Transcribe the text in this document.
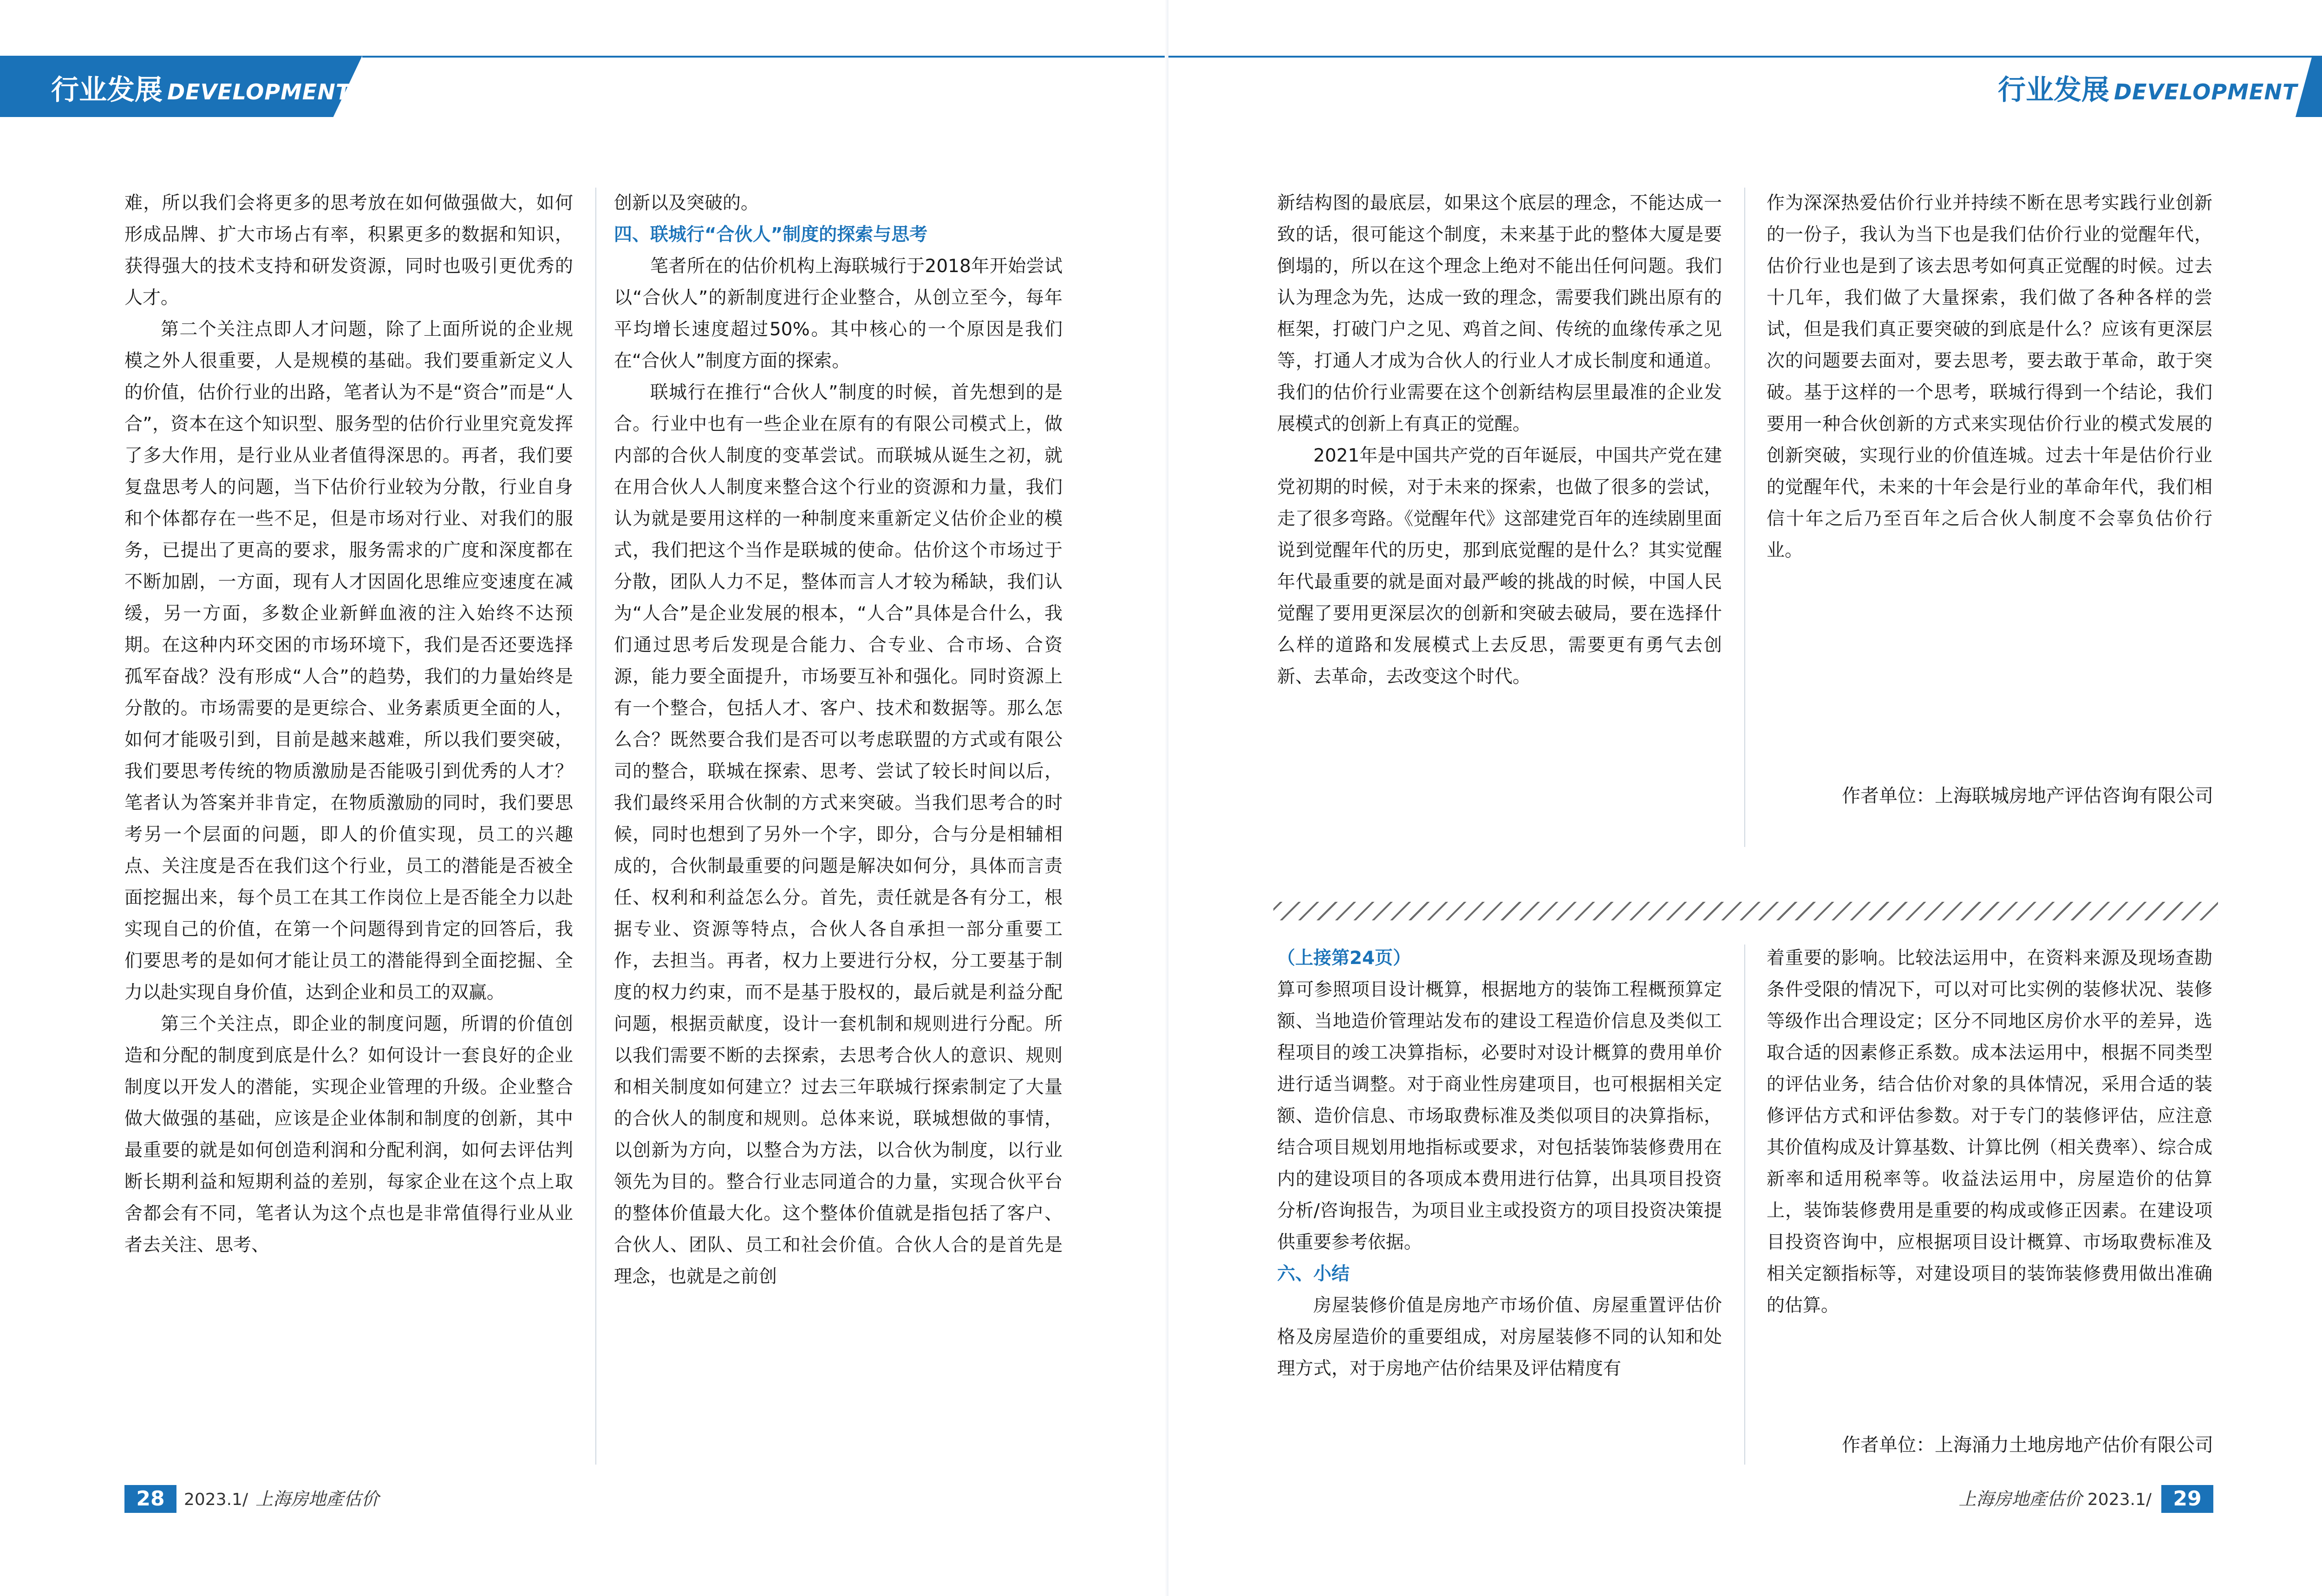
行业发展 DEVELOPMENT

难，所以我们会将更多的思考放在如何做强做大，如何形成品牌、扩大市场占有率，积累更多的数据和知识，获得强大的技术支持和研发资源，同时也吸引更优秀的人才。

第二个关注点即人才问题，除了上面所说的企业规模之外人很重要，人是规模的基础。我们要重新定义人的价值，估价行业的出路，笔者认为不是“资合”而是“人合”，资本在这个知识型、服务型的估价行业里究竟发挥了多大作用，是行业从业者值得深思的。再者，我们要复盘思考人的问题，当下估价行业较为分散，行业自身和个体都存在一些不足，但是市场对行业、对我们的服务，已提出了更高的要求，服务需求的广度和深度都在不断加剧，一方面，现有人才因固化思维应变速度在减缓，另一方面，多数企业新鲜血液的注入始终不达预期。在这种内环交困的市场环境下，我们是否还要选择孤军奋战？没有形成“人合”的趋势，我们的力量始终是分散的。市场需要的是更综合、业务素质更全面的人，如何才能吸引到，目前是越来越难，所以我们要突破，我们要思考传统的物质激励是否能吸引到优秀的人才？笔者认为答案并非肯定，在物质激励的同时，我们要思考另一个层面的问题，即人的价值实现，员工的兴趣点、关注度是否在我们这个行业，员工的潜能是否被全面挖掘出来，每个员工在其工作岗位上是否能全力以赴实现自己的价值，在第一个问题得到肯定的回答后，我们要思考的是如何才能让员工的潜能得到全面挖掘、全力以赴实现自身价值，达到企业和员工的双赢。

第三个关注点，即企业的制度问题，所谓的价值创造和分配的制度到底是什么？如何设计一套良好的企业制度以开发人的潜能，实现企业管理的升级。企业整合做大做强的基础，应该是企业体制和制度的创新，其中最重要的就是如何创造利润和分配利润，如何去评估判断长期利益和短期利益的差别，每家企业在这个点上取舍都会有不同，笔者认为这个点也是非常值得行业从业者去关注、思考、

创新以及突破的。

四、联城行“合伙人”制度的探索与思考

笔者所在的估价机构上海联城行于2018年开始尝试以“合伙人”的新制度进行企业整合，从创立至今，每年平均增长速度超过50%。其中核心的一个原因是我们在“合伙人”制度方面的探索。

联城行在推行“合伙人”制度的时候，首先想到的是合。行业中也有一些企业在原有的有限公司模式上，做内部的合伙人制度的变革尝试。而联城从诞生之初，就在用合伙人人制度来整合这个行业的资源和力量，我们认为就是要用这样的一种制度来重新定义估价企业的模式，我们把这个当作是联城的使命。估价这个市场过于分散，团队人力不足，整体而言人才较为稀缺，我们认为“人合”是企业发展的根本，“人合”具体是合什么，我们通过思考后发现是合能力、合专业、合市场、合资源，能力要全面提升，市场要互补和强化。同时资源上有一个整合，包括人才、客户、技术和数据等。那么怎么合？既然要合我们是否可以考虑联盟的方式或有限公司的整合，联城在探索、思考、尝试了较长时间以后，我们最终采用合伙制的方式来突破。当我们思考合的时候，同时也想到了另外一个字，即分，合与分是相辅相成的，合伙制最重要的问题是解决如何分，具体而言责任、权利和利益怎么分。首先，责任就是各有分工，根据专业、资源等特点，合伙人各自承担一部分重要工作，去担当。再者，权力上要进行分权，分工要基于制度的权力约束，而不是基于股权的，最后就是利益分配问题，根据贡献度，设计一套机制和规则进行分配。所以我们需要不断的去探索，去思考合伙人的意识、规则和相关制度如何建立？过去三年联城行探索制定了大量的合伙人的制度和规则。总体来说，联城想做的事情，以创新为方向，以整合为方法，以合伙为制度，以行业领先为目的。整合行业志同道合的力量，实现合伙平台的整体价值最大化。这个整体价值就是指包括了客户、合伙人、团队、员工和社会价值。合伙人合的是首先是理念，也就是之前创

28	2023.1/ 上海房地產估价
行业发展 DEVELOPMENT

新结构图的最底层，如果这个底层的理念，不能达成一致的话，很可能这个制度，未来基于此的整体大厦是要倒塌的，所以在这个理念上绝对不能出任何问题。我们认为理念为先，达成一致的理念，需要我们跳出原有的框架，打破门户之见、鸡首之间、传统的血缘传承之见等，打通人才成为合伙人的行业人才成长制度和通道。我们的估价行业需要在这个创新结构层里最准的企业发展模式的创新上有真正的觉醒。

2021年是中国共产党的百年诞辰，中国共产党在建党初期的时候，对于未来的探索，也做了很多的尝试，走了很多弯路。《觉醒年代》这部建党百年的连续剧里面说到觉醒年代的历史，那到底觉醒的是什么？其实觉醒年代最重要的就是面对最严峻的挑战的时候，中国人民觉醒了要用更深层次的创新和突破去破局，要在选择什么样的道路和发展模式上去反思，需要更有勇气去创新、去革命，去改变这个时代。

作为深深热爱估价行业并持续不断在思考实践行业创新的一份子，我认为当下也是我们估价行业的觉醒年代，估价行业也是到了该去思考如何真正觉醒的时候。过去十几年，我们做了大量探索，我们做了各种各样的尝试，但是我们真正要突破的到底是什么？应该有更深层次的问题要去面对，要去思考，要去敢于革命，敢于突破。基于这样的一个思考，联城行得到一个结论，我们要用一种合伙创新的方式来实现估价行业的模式发展的创新突破，实现行业的价值连城。过去十年是估价行业的觉醒年代，未来的十年会是行业的革命年代，我们相信十年之后乃至百年之后合伙人制度不会辜负估价行业。

作者单位：上海联城房地产评估咨询有限公司
（上接第24页）

算可参照项目设计概算，根据地方的装饰工程概预算定额、当地造价管理站发布的建设工程造价信息及类似工程项目的竣工决算指标，必要时对设计概算的费用单价进行适当调整。对于商业性房建项目，也可根据相关定额、造价信息、市场取费标准及类似项目的决算指标，结合项目规划用地指标或要求，对包括装饰装修费用在内的建设项目的各项成本费用进行估算，出具项目投资分析/咨询报告，为项目业主或投资方的项目投资决策提供重要参考依据。

六、小结

房屋装修价值是房地产市场价值、房屋重置评估价格及房屋造价的重要组成，对房屋装修不同的认知和处理方式，对于房地产估价结果及评估精度有

着重要的影响。比较法运用中，在资料来源及现场查勘条件受限的情况下，可以对可比实例的装修状况、装修等级作出合理设定；区分不同地区房价水平的差异，选取合适的因素修正系数。成本法运用中，根据不同类型的评估业务，结合估价对象的具体情况，采用合适的装修评估方式和评估参数。对于专门的装修评估，应注意其价值构成及计算基数、计算比例（相关费率）、综合成新率和适用税率等。收益法运用中，房屋造价的估算上，装饰装修费用是重要的构成或修正因素。在建设项目投资咨询中，应根据项目设计概算、市场取费标准及相关定额指标等，对建设项目的装饰装修费用做出准确的估算。

作者单位：上海涌力土地房地产估价有限公司
上海房地產估价 2023.1/	29
